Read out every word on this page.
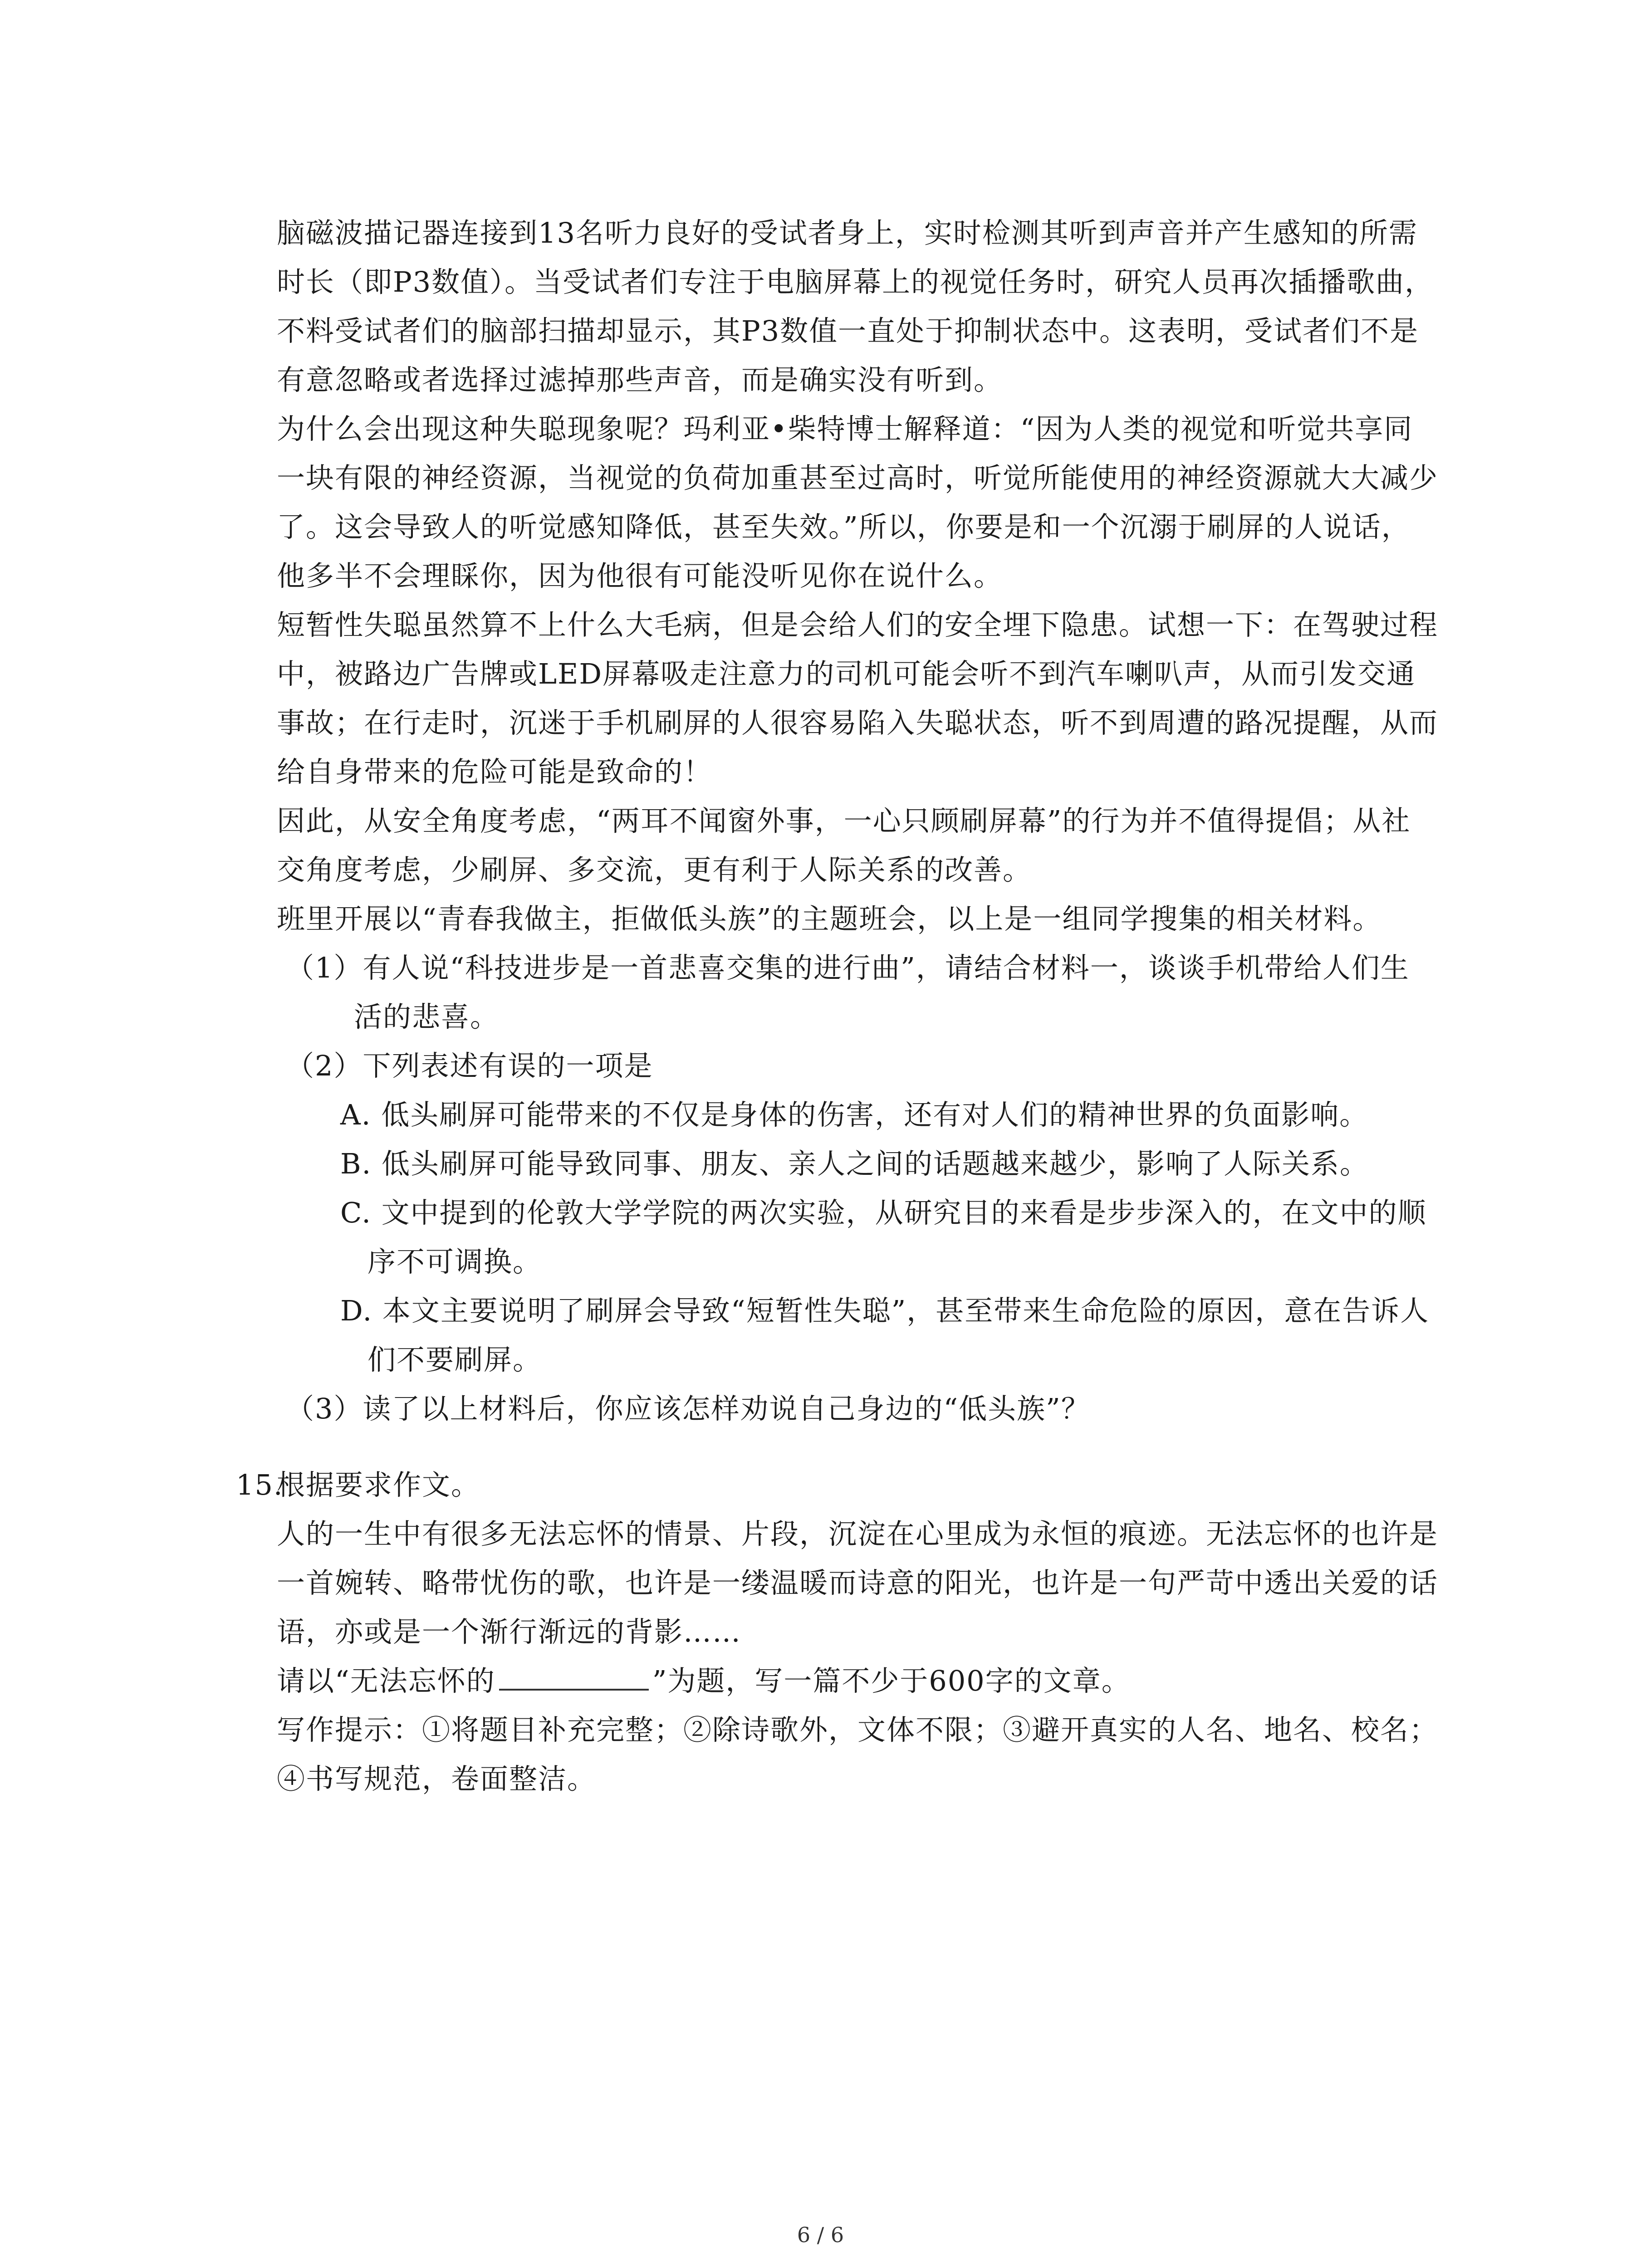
脑磁波描记器连接到13名听力良好的受试者身上，实时检测其听到声音并产生感知的所需时长（即P3数值）。当受试者们专注于电脑屏幕上的视觉任务时，研究人员再次插播歌曲，不料受试者们的脑部扫描却显示，其P3数值一直处于抑制状态中。这表明，受试者们不是有意忽略或者选择过滤掉那些声音，而是确实没有听到。

为什么会出现这种失聪现象呢？玛利亚•柴特博士解释道：“因为人类的视觉和听觉共享同一块有限的神经资源，当视觉的负荷加重甚至过高时，听觉所能使用的神经资源就大大减少了。这会导致人的听觉感知降低，甚至失效。”所以，你要是和一个沉溺于刷屏的人说话，他多半不会理睬你，因为他很有可能没听见你在说什么。

短暂性失聪虽然算不上什么大毛病，但是会给人们的安全埋下隐患。试想一下：在驾驶过程中，被路边广告牌或LED屏幕吸走注意力的司机可能会听不到汽车喇叭声，从而引发交通事故；在行走时，沉迷于手机刷屏的人很容易陷入失聪状态，听不到周遭的路况提醒，从而给自身带来的危险可能是致命的！

因此，从安全角度考虑，“两耳不闻窗外事，一心只顾刷屏幕”的行为并不值得提倡；从社交角度考虑，少刷屏、多交流，更有利于人际关系的改善。

班里开展以“青春我做主，拒做低头族”的主题班会，以上是一组同学搜集的相关材料。

（1）有人说“科技进步是一首悲喜交集的进行曲”，请结合材料一，谈谈手机带给人们生活的悲喜。

（2）下列表述有误的一项是

A. 低头刷屏可能带来的不仅是身体的伤害，还有对人们的精神世界的负面影响。

B. 低头刷屏可能导致同事、朋友、亲人之间的话题越来越少，影响了人际关系。

C. 文中提到的伦敦大学学院的两次实验，从研究目的来看是步步深入的，在文中的顺序不可调换。

D. 本文主要说明了刷屏会导致“短暂性失聪”，甚至带来生命危险的原因，意在告诉人们不要刷屏。

（3）读了以上材料后，你应该怎样劝说自己身边的“低头族”？

15.

根据要求作文。

人的一生中有很多无法忘怀的情景、片段，沉淀在心里成为永恒的痕迹。无法忘怀的也许是一首婉转、略带忧伤的歌，也许是一缕温暖而诗意的阳光，也许是一句严苛中透出关爱的话语，亦或是一个渐行渐远的背影……

请以“无法忘怀的	”为题，写一篇不少于600字的文章。

写作提示：①将题目补充完整；②除诗歌外，文体不限；③避开真实的人名、地名、校名；④书写规范，卷面整洁。

6 / 6
